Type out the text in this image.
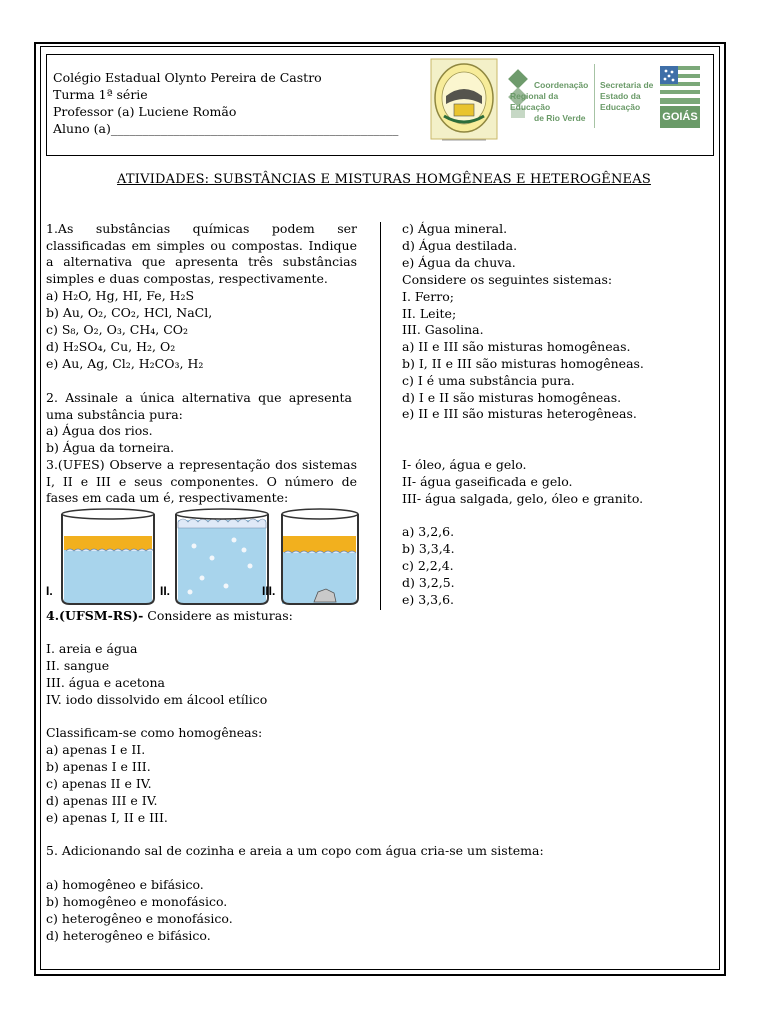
Colégio Estadual Olynto Pereira de Castro
Turma 1ª série
Professor (a) Luciene Romão
Aluno (a)______________________________________________
Coordenação
Regional da Educação
de Rio Verde
Secretaria de
Estado da
Educação
GOIÁS
ATIVIDADES: SUBSTÂNCIAS E MISTURAS HOMGÊNEAS E HETEROGÊNEAS
1.As substâncias químicas podem ser classificadas em simples ou compostas. Indique a alternativa que apresenta três substâncias simples e duas compostas, respectivamente.
a) H₂O, Hg, HI, Fe, H₂S
b) Au, O₂, CO₂, HCl, NaCl,
c) S₈, O₂, O₃, CH₄, CO₂
d) H₂SO₄, Cu, H₂, O₂
e) Au, Ag, Cl₂, H₂CO₃, H₂
2. Assinale a única alternativa que apresenta uma substância pura:
a) Água dos rios.
b) Água da torneira.
3.(UFES) Observe a representação dos sistemas I, II e III e seus componentes. O número de fases em cada um é, respectivamente:
I.	II.	III.
c) Água mineral.
d) Água destilada.
e) Água da chuva.
Considere os seguintes sistemas:
I. Ferro;
II. Leite;
III. Gasolina.
a) II e III são misturas homogêneas.
b) I, II e III são misturas homogêneas.
c) I é uma substância pura.
d) I e II são misturas homogêneas.
e) II e III são misturas heterogêneas.
I- óleo, água e gelo.
II- água gaseificada e gelo.
III- água salgada, gelo, óleo e granito.
a) 3,2,6.
b) 3,3,4.
c) 2,2,4.
d) 3,2,5.
e) 3,3,6.
4.(UFSM-RS)- Considere as misturas:
I. areia e água
II. sangue
III. água e acetona
IV. iodo dissolvido em álcool etílico
Classificam-se como homogêneas:
a) apenas I e II.
b) apenas I e III.
c) apenas II e IV.
d) apenas III e IV.
e) apenas I, II e III.
5. Adicionando sal de cozinha e areia a um copo com água cria-se um sistema:
a) homogêneo e bifásico.
b) homogêneo e monofásico.
c) heterogêneo e monofásico.
d) heterogêneo e bifásico.
